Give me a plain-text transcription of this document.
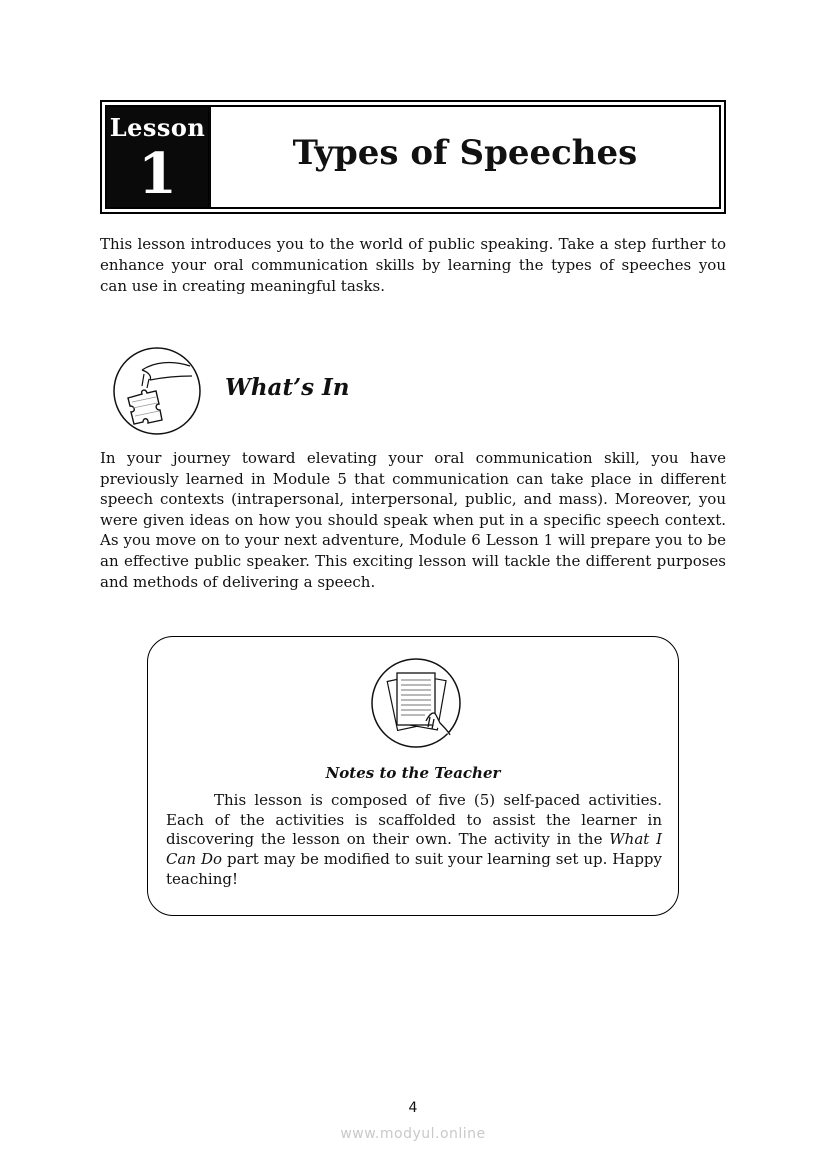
Lesson
1	Types of Speeches

This lesson introduces you to the world of public speaking. Take a step further to enhance your oral communication skills by learning the types of speeches you can use in creating meaningful tasks.

What’s In

In your journey toward elevating your oral communication skill, you have previously learned in Module 5 that communication can take place in different speech contexts (intrapersonal, interpersonal, public, and mass). Moreover, you were given ideas on how you should speak when put in a specific speech context. As you move on to your next adventure, Module 6 Lesson 1 will prepare you to be an effective public speaker. This exciting lesson will tackle the different purposes and methods of delivering a speech.

Notes to the Teacher

This lesson is composed of five (5) self-paced activities. Each of the activities is scaffolded to assist the learner in discovering the lesson on their own. The activity in the What I Can Do part may be modified to suit your learning set up. Happy teaching!

4
www.modyul.online
